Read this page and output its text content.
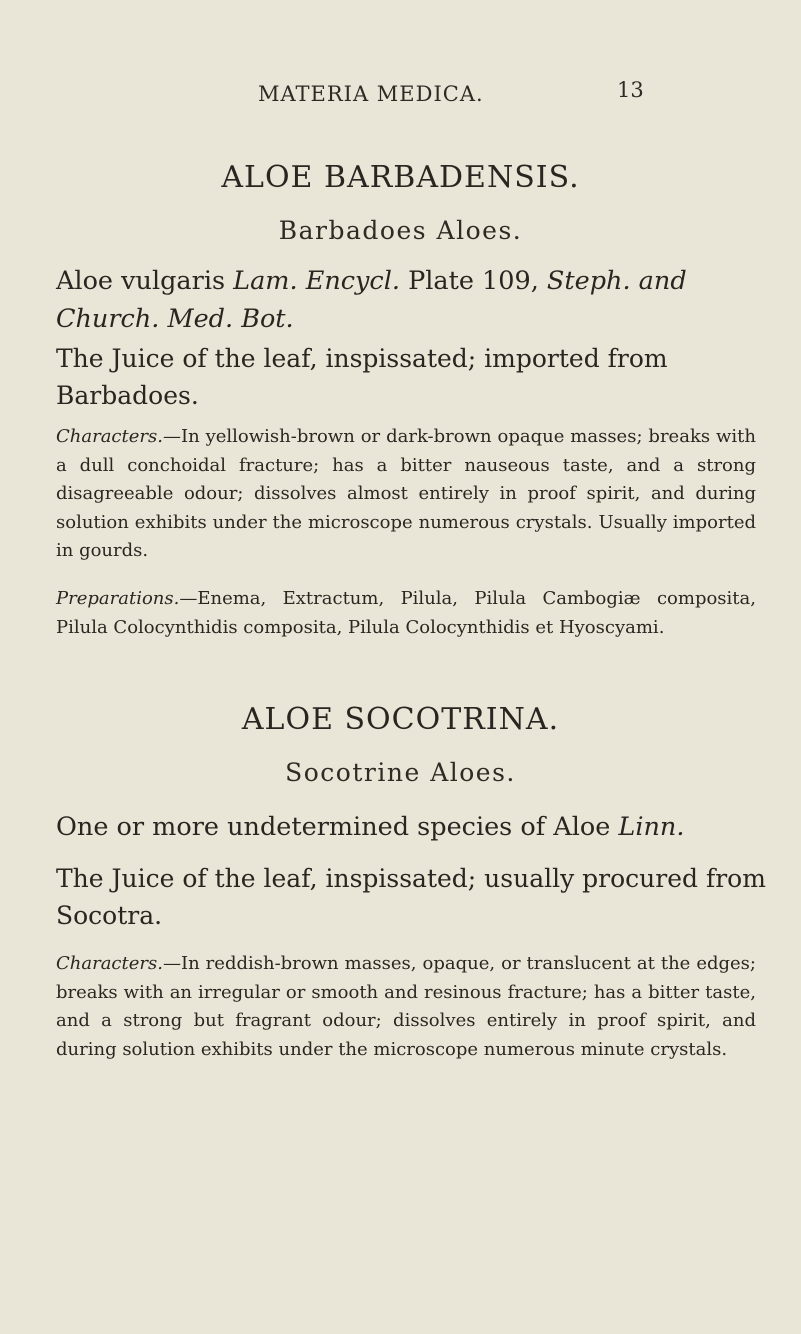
MATERIA MEDICA.	13
ALOE BARBADENSIS.
Barbadoes Aloes.
Aloe vulgaris Lam. Encycl. Plate 109, Steph. and Church. Med. Bot.
The Juice of the leaf, inspissated; imported from Barbadoes.

Characters.—In yellowish-brown or dark-brown opaque masses; breaks with a dull conchoidal fracture; has a bitter nauseous taste, and a strong disagreeable odour; dissolves almost entirely in proof spirit, and during solution exhibits under the microscope numerous crystals. Usually imported in gourds.

Preparations.—Enema, Extractum, Pilula, Pilula Cambogiæ composita, Pilula Colocynthidis composita, Pilula Colocynthidis et Hyoscyami.

ALOE SOCOTRINA.
Socotrine Aloes.
One or more undetermined species of Aloe Linn.
The Juice of the leaf, inspissated; usually procured from Socotra.

Characters.—In reddish-brown masses, opaque, or translucent at the edges; breaks with an irregular or smooth and resinous fracture; has a bitter taste, and a strong but fragrant odour; dissolves entirely in proof spirit, and during solution exhibits under the microscope numerous minute crystals.
